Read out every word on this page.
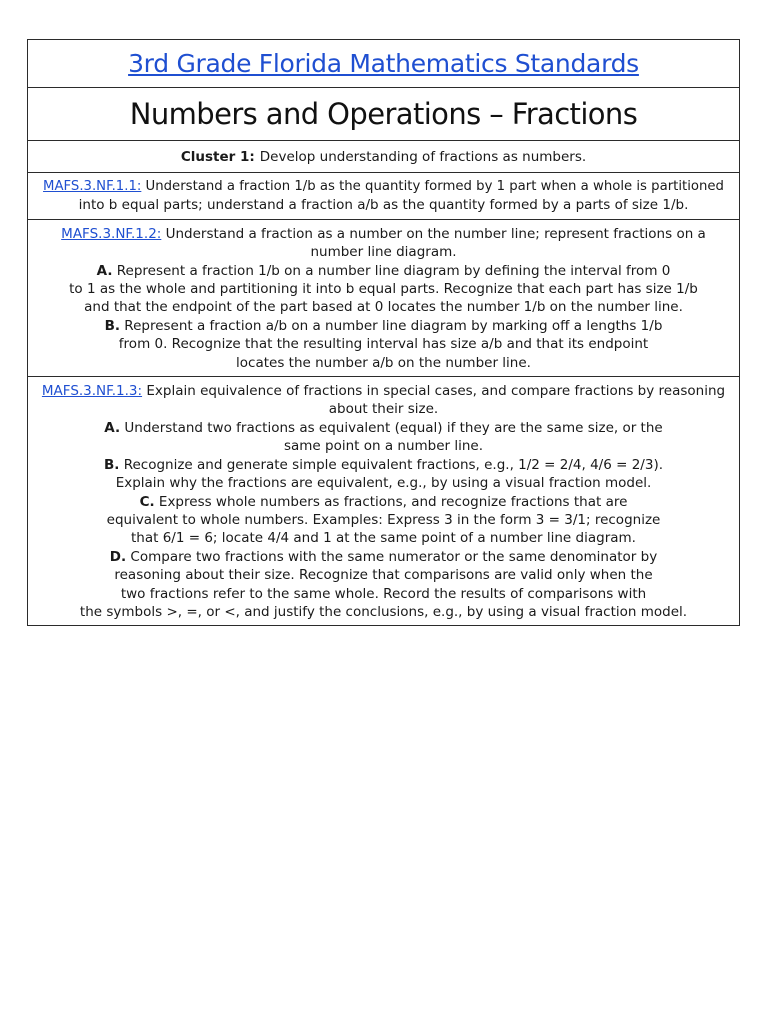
3rd Grade Florida Mathematics Standards
Numbers and Operations – Fractions
Cluster 1: Develop understanding of fractions as numbers.
MAFS.3.NF.1.1: Understand a fraction 1/b as the quantity formed by 1 part when a whole is partitioned
into b equal parts; understand a fraction a/b as the quantity formed by a parts of size 1/b.
MAFS.3.NF.1.2: Understand a fraction as a number on the number line; represent fractions on a
number line diagram.
A. Represent a fraction 1/b on a number line diagram by defining the interval from 0
to 1 as the whole and partitioning it into b equal parts. Recognize that each part has size 1/b
and that the endpoint of the part based at 0 locates the number 1/b on the number line.
B. Represent a fraction a/b on a number line diagram by marking off a lengths 1/b
from 0. Recognize that the resulting interval has size a/b and that its endpoint
locates the number a/b on the number line.
MAFS.3.NF.1.3: Explain equivalence of fractions in special cases, and compare fractions by reasoning
about their size.
A. Understand two fractions as equivalent (equal) if they are the same size, or the
same point on a number line.
B. Recognize and generate simple equivalent fractions, e.g., 1/2 = 2/4, 4/6 = 2/3).
Explain why the fractions are equivalent, e.g., by using a visual fraction model.
C. Express whole numbers as fractions, and recognize fractions that are
equivalent to whole numbers. Examples: Express 3 in the form 3 = 3/1; recognize
that 6/1 = 6; locate 4/4 and 1 at the same point of a number line diagram.
D. Compare two fractions with the same numerator or the same denominator by
reasoning about their size. Recognize that comparisons are valid only when the
two fractions refer to the same whole. Record the results of comparisons with
the symbols >, =, or <, and justify the conclusions, e.g., by using a visual fraction model.
